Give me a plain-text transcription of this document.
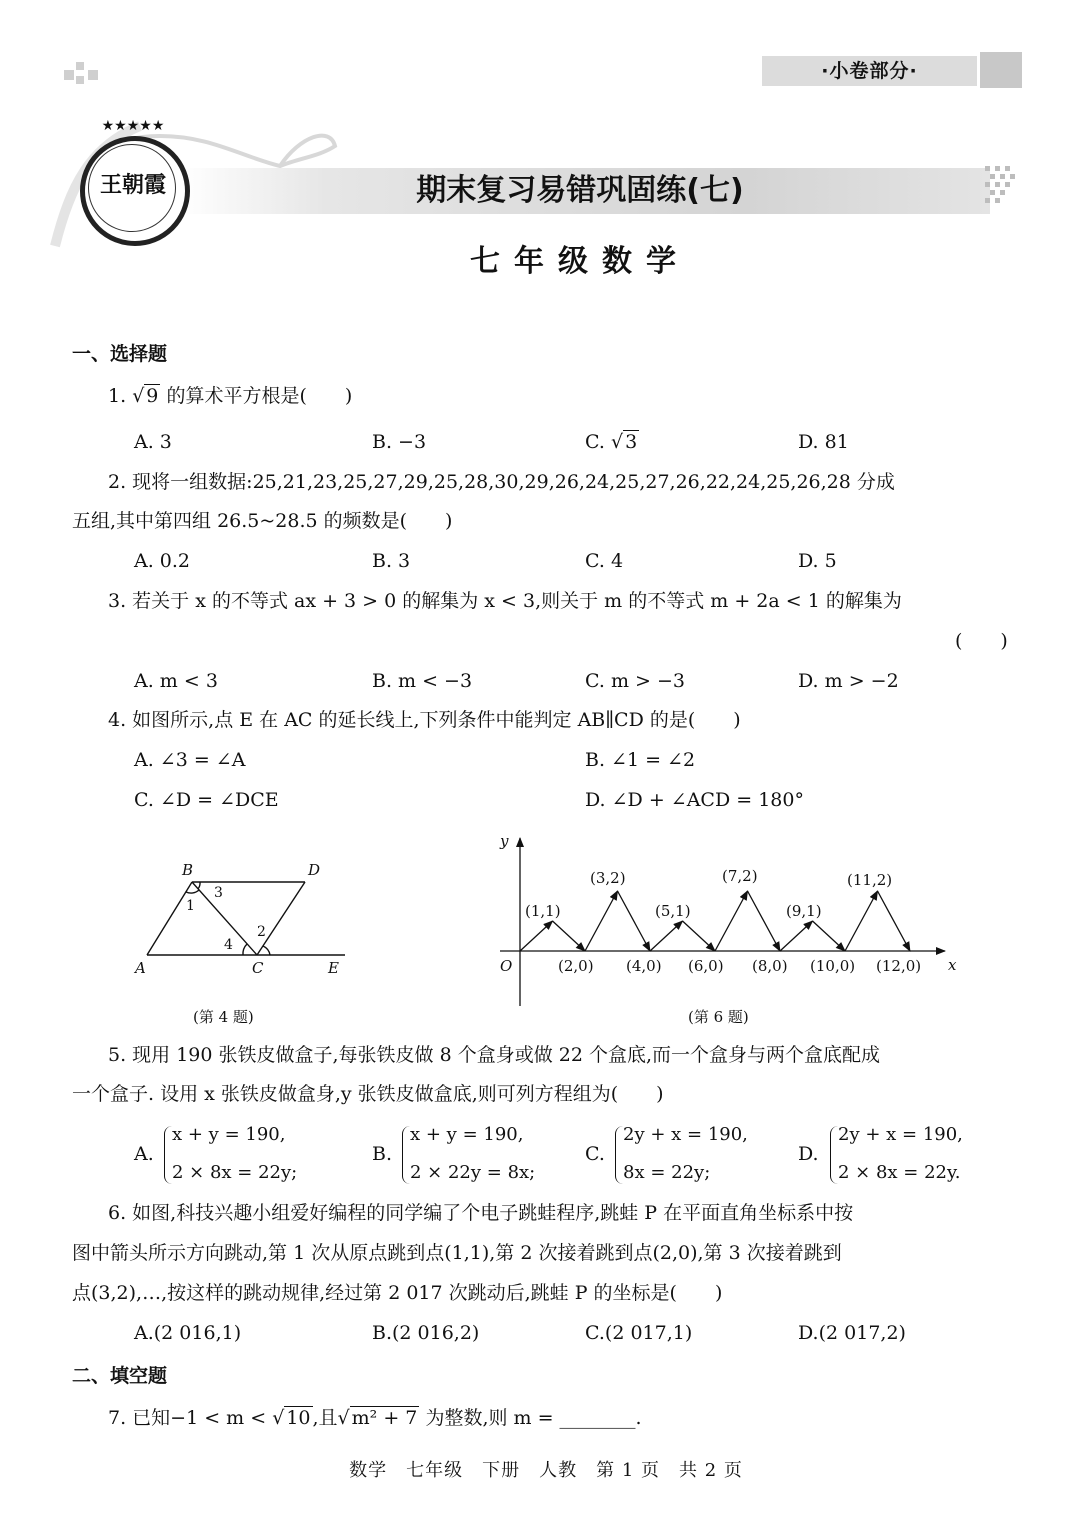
·小卷部分·
★★★★★
王朝霞	期末复习易错巩固练(七)
七年级数学
一、选择题
1. √ 9 的算术平方根是(　　)
A. 3	B. −3	C. √ 3	D. 81
2. 现将一组数据:25,21,23,25,27,29,25,28,30,29,26,24,25,27,26,22,24,25,26,28 分成
五组,其中第四组 26.5~28.5 的频数是(　　)
A. 0.2	B. 3	C. 4	D. 5
3. 若关于 x 的不等式 ax + 3 > 0 的解集为 x < 3,则关于 m 的不等式 m + 2a < 1 的解集为
(　　)
A. m < 3	B. m < −3	C. m > −3	D. m > −2
4. 如图所示,点 E 在 AC 的延长线上,下列条件中能判定 AB∥CD 的是(　　)
A. ∠3 = ∠A	B. ∠1 = ∠2
C. ∠D = ∠DCE	D. ∠D + ∠ACD = 180°
B	D
A	C	E
1
3
4
2
(第 4 题)
y
x
O
(1,1)
(3,2)
(5,1)
(7,2)
(9,1)
(11,2)
(2,0) (4,0) (6,0) (8,0) (10,0) (12,0)
(第 6 题)
5. 现用 190 张铁皮做盒子,每张铁皮做 8 个盒身或做 22 个盒底,而一个盒身与两个盒底配成
一个盒子. 设用 x 张铁皮做盒身,y 张铁皮做盒底,则可列方程组为(　　)
A.
x + y = 190,
2 × 8x = 22y;
B.
x + y = 190,
2 × 22y = 8x;
C.
2y + x = 190,
8x = 22y;
D.
2y + x = 190,
2 × 8x = 22y.
6. 如图,科技兴趣小组爱好编程的同学编了个电子跳蛙程序,跳蛙 P 在平面直角坐标系中按
图中箭头所示方向跳动,第 1 次从原点跳到点(1,1),第 2 次接着跳到点(2,0),第 3 次接着跳到
点(3,2),…,按这样的跳动规律,经过第 2 017 次跳动后,跳蛙 P 的坐标是(　　)
A.(2 016,1)	B.(2 016,2)	C.(2 017,1)	D.(2 017,2)
二、填空题
7. 已知−1 < m < √ 10 ,且√ m² + 7 为整数,则 m = ________.
数学　七年级　下册　人教　第 1 页　共 2 页
